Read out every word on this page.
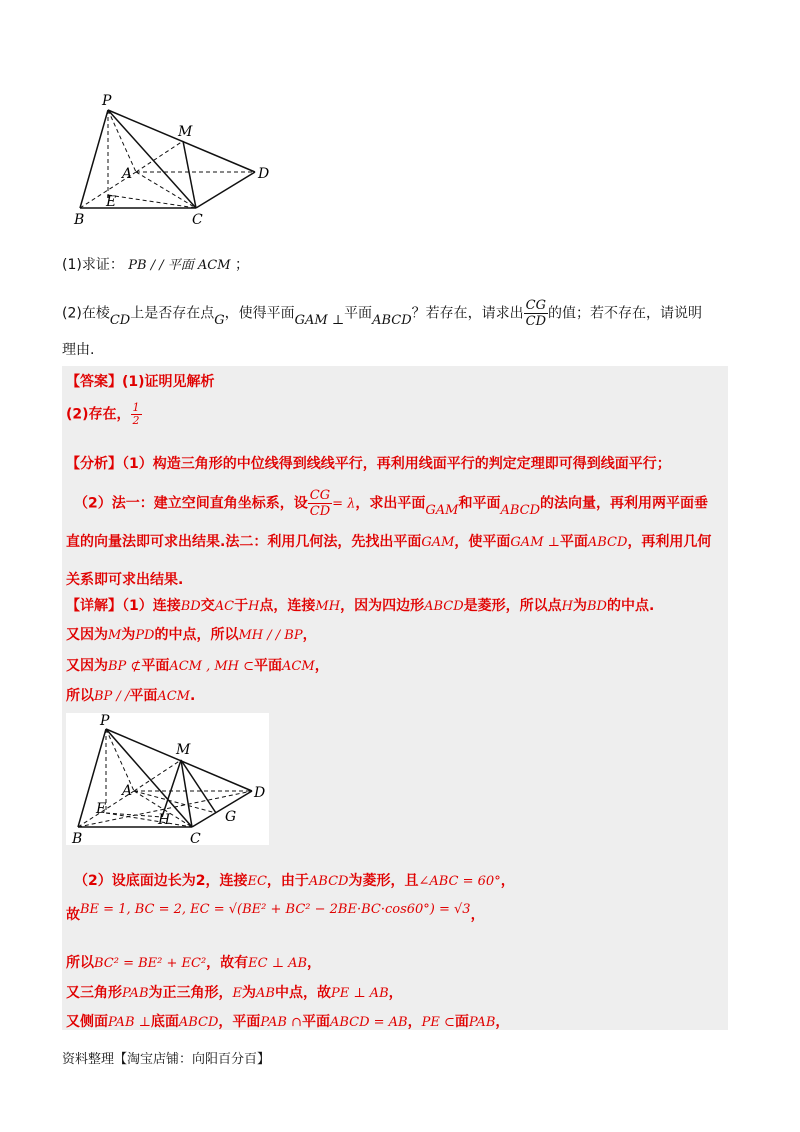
P
M
A	D
E
B	C
(1)求证： PB / / 平面 ACM ；
(2)在棱CD上是否存在点G，使得平面GAM ⊥平面ABCD？若存在，请求出 $\frac{CG}{CD}$ 的值；若不存在，请说明
理由.
【答案】(1)证明见解析
(2)存在， $\frac{1}{2}$
【分析】（1）构造三角形的中位线得到线线平行，再利用线面平行的判定定理即可得到线面平行；
（2）法一：建立空间直角坐标系，设 $\frac{CG}{CD} = \lambda$，求出平面GAM和平面ABCD的法向量，再利用两平面垂
直的向量法即可求出结果.法二：利用几何法，先找出平面GAM，使平面GAM ⊥平面ABCD，再利用几何
关系即可求出结果.
【详解】（1）连接BD交AC于H点，连接MH，因为四边形ABCD是菱形，所以点H为BD的中点.
又因为M为PD的中点，所以MH / / BP，
又因为BP ⊄平面ACM , MH ⊂平面ACM，
所以BP / /平面ACM.
P
M
A	D
E
H	G
B	C
（2）设底面边长为2，连接EC，由于ABCD为菱形，且∠ABC = 60°，
故BE = 1, BC = 2, EC = √(BE² + BC² − 2BE·BC·cos60°) = √3，
所以BC² = BE² + EC²，故有EC ⊥ AB，
又三角形PAB为正三角形，E为AB中点，故PE ⊥ AB，
又侧面PAB ⊥底面ABCD，平面PAB ∩平面ABCD = AB，PE ⊂面PAB，
资料整理【淘宝店铺：向阳百分百】
